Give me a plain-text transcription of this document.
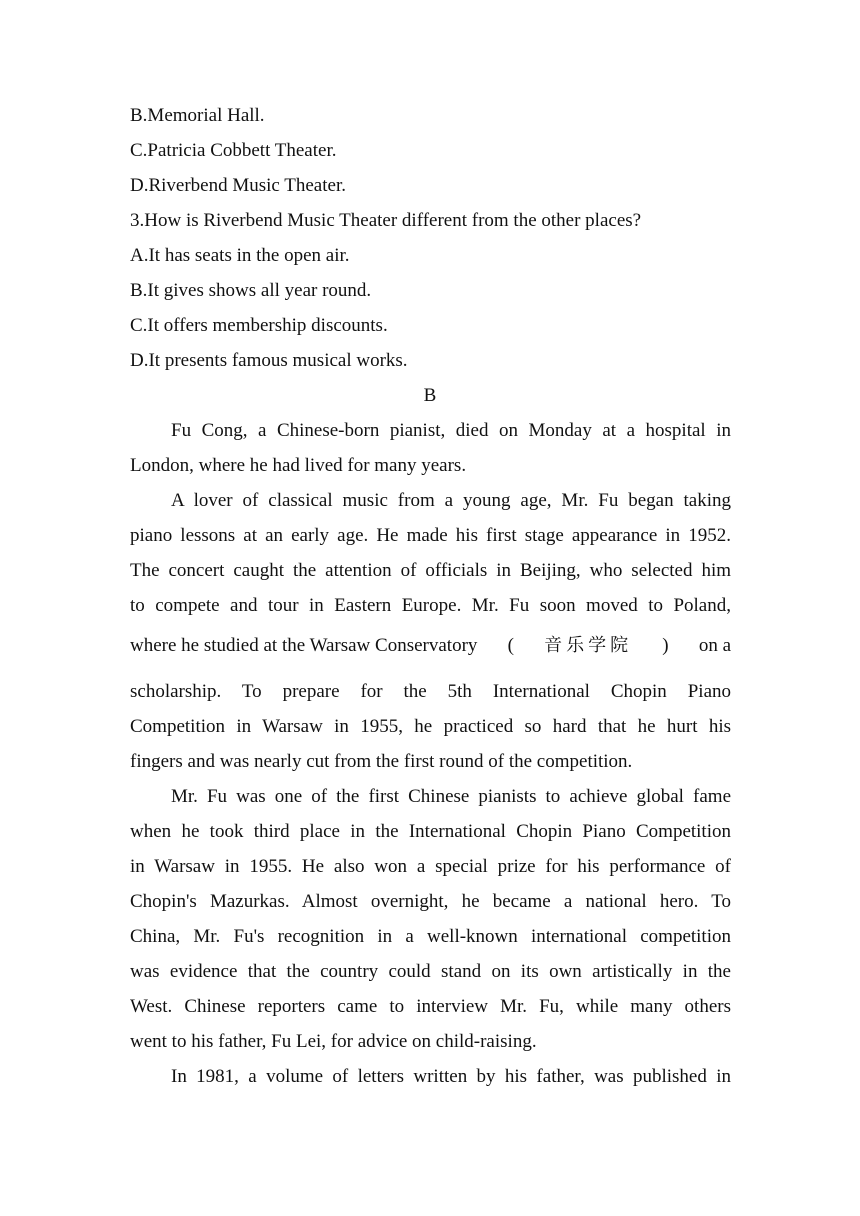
B.Memorial Hall.
C.Patricia Cobbett Theater.
D.Riverbend Music Theater.
3.How is Riverbend Music Theater different from the other places?
A.It has seats in the open air.
B.It gives shows all year round.
C.It offers membership discounts.
D.It presents famous musical works.
B
Fu Cong, a Chinese-born pianist, died on Monday at a hospital in
London, where he had lived for many years.
A lover of classical music from a young age, Mr. Fu began taking
piano lessons at an early age. He made his first stage appearance in 1952.
The concert caught the attention of officials in Beijing, who selected him
to compete and tour in Eastern Europe. Mr. Fu soon moved to Poland,
where he studied at the Warsaw Conservatory ( 音乐学院 ) on a
scholarship. To prepare for the 5th International Chopin Piano
Competition in Warsaw in 1955, he practiced so hard that he hurt his
fingers and was nearly cut from the first round of the competition.
Mr. Fu was one of the first Chinese pianists to achieve global fame
when he took third place in the International Chopin Piano Competition
in Warsaw in 1955. He also won a special prize for his performance of
Chopin's Mazurkas. Almost overnight, he became a national hero. To
China, Mr. Fu's recognition in a well-known international competition
was evidence that the country could stand on its own artistically in the
West. Chinese reporters came to interview Mr. Fu, while many others
went to his father, Fu Lei, for advice on child-raising.
In 1981, a volume of letters written by his father, was published in
